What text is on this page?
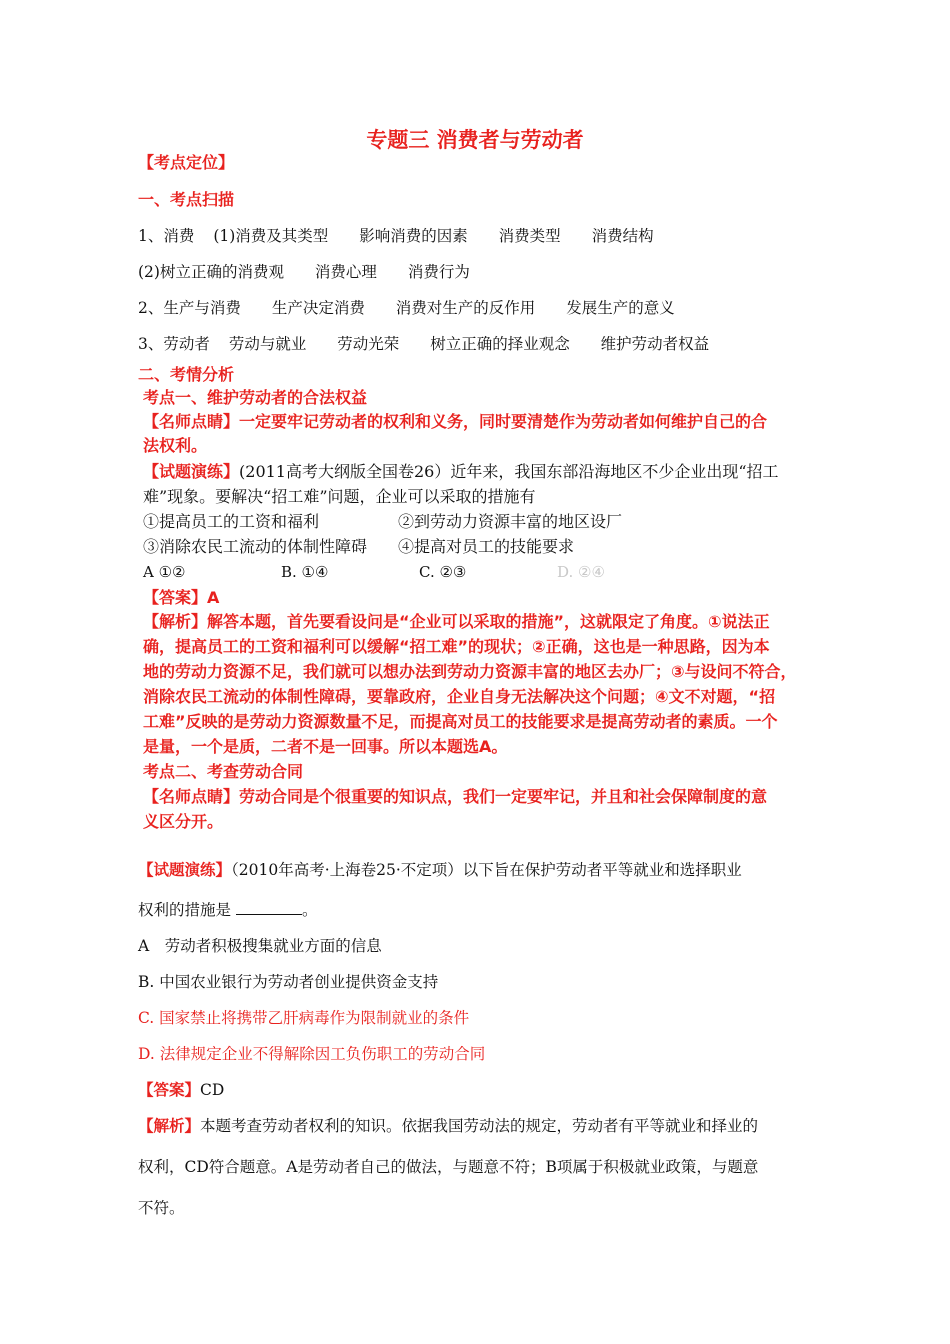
专题三 消费者与劳动者
【考点定位】
一、考点扫描
1、消费 (1)消费及其类型 影响消费的因素 消费类型 消费结构
(2)树立正确的消费观 消费心理 消费行为
2、生产与消费 生产决定消费 消费对生产的反作用 发展生产的意义
3、劳动者 劳动与就业 劳动光荣 树立正确的择业观念 维护劳动者权益
二、考情分析
考点一、维护劳动者的合法权益
【名师点睛】一定要牢记劳动者的权利和义务，同时要清楚作为劳动者如何维护自己的合
法权利。
【试题演练】(2011高考大纲版全国卷26）近年来，我国东部沿海地区不少企业出现“招工
难”现象。要解决“招工难”问题，企业可以采取的措施有
①提高员工的工资和福利	②到劳动力资源丰富的地区设厂
③消除农民工流动的体制性障碍 ④提高对员工的技能要求
A ①②	B. ①④	C. ②③	D. ②④
【答案】A
【解析】解答本题，首先要看设问是“企业可以采取的措施”，这就限定了角度。①说法正
确，提高员工的工资和福利可以缓解“招工难”的现状；②正确，这也是一种思路，因为本
地的劳动力资源不足，我们就可以想办法到劳动力资源丰富的地区去办厂；③与设问不符合，
消除农民工流动的体制性障碍，要靠政府，企业自身无法解决这个问题；④文不对题，“招
工难”反映的是劳动力资源数量不足，而提高对员工的技能要求是提高劳动者的素质。一个
是量，一个是质，二者不是一回事。所以本题选A。
考点二、考查劳动合同
【名师点睛】劳动合同是个很重要的知识点，我们一定要牢记，并且和社会保障制度的意
义区分开。
【试题演练】（2010年高考·上海卷25·不定项）以下旨在保护劳动者平等就业和选择职业
权利的措施是	。
A　劳动者积极搜集就业方面的信息
B. 中国农业银行为劳动者创业提供资金支持
C. 国家禁止将携带乙肝病毒作为限制就业的条件
D. 法律规定企业不得解除因工负伤职工的劳动合同
【答案】CD
【解析】本题考查劳动者权利的知识。依据我国劳动法的规定，劳动者有平等就业和择业的
权利，CD符合题意。A是劳动者自己的做法，与题意不符；B项属于积极就业政策，与题意
不符。
